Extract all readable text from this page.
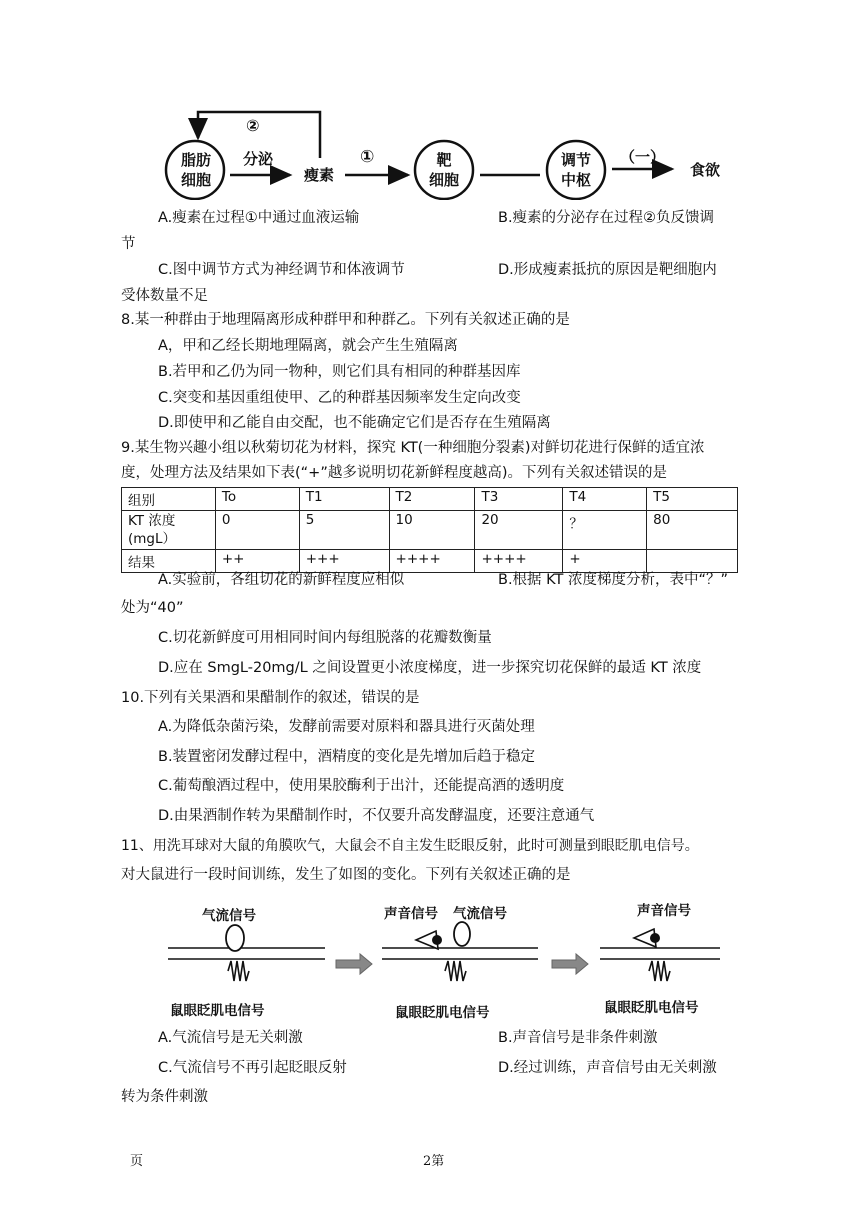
脂肪
细胞
分泌
②
瘦素
①	靶
细胞
调节
中枢
（一）
食欲
A.瘦素在过程①中通过血液运输	B.瘦素的分泌存在过程②负反馈调
节
C.图中调节方式为神经调节和体液调节	D.形成瘦素抵抗的原因是靶细胞内
受体数量不足
8.某一种群由于地理隔离形成种群甲和种群乙。下列有关叙述正确的是
A，甲和乙经长期地理隔离，就会产生生殖隔离
B.若甲和乙仍为同一物种，则它们具有相同的种群基因库
C.突变和基因重组使甲、乙的种群基因频率发生定向改变
D.即使甲和乙能自由交配，也不能确定它们是否存在生殖隔离
9.某生物兴趣小组以秋菊切花为材料，探究 KT(一种细胞分裂素)对鲜切花进行保鲜的适宜浓
度，处理方法及结果如下表(“+”越多说明切花新鲜程度越高)。下列有关叙述错误的是
组别	To	T1	T2	T3	T4	T5

KT 浓度
(mgL）	0	5	10	20	？	80
结果	++	+++	++++	++++	+	
A.实验前，各组切花的新鲜程度应相似	B.根据 KT 浓度梯度分析，表中“？”
处为“40”
C.切花新鲜度可用相同时间内每组脱落的花瓣数衡量
D.应在 SmgL-20mg/L 之间设置更小浓度梯度，进一步探究切花保鲜的最适 KT 浓度
10.下列有关果酒和果醋制作的叙述，错误的是
A.为降低杂菌污染，发酵前需要对原料和器具进行灭菌处理
B.装置密闭发酵过程中，酒精度的变化是先增加后趋于稳定
C.葡萄酿酒过程中，使用果胶酶利于出汁，还能提高酒的透明度
D.由果酒制作转为果醋制作时，不仅要升高发酵温度，还要注意通气
11、用洗耳球对大鼠的角膜吹气，大鼠会不自主发生眨眼反射，此时可测量到眼眨肌电信号。
对大鼠进行一段时间训练，发生了如图的变化。下列有关叙述正确的是
气流信号	声音信号 气流信号	声音信号
鼠眼眨肌电信号	鼠眼眨肌电信号	鼠眼眨肌电信号
A.气流信号是无关刺激	B.声音信号是非条件刺激
C.气流信号不再引起眨眼反射	D.经过训练，声音信号由无关刺激
转为条件刺激
页	2第
